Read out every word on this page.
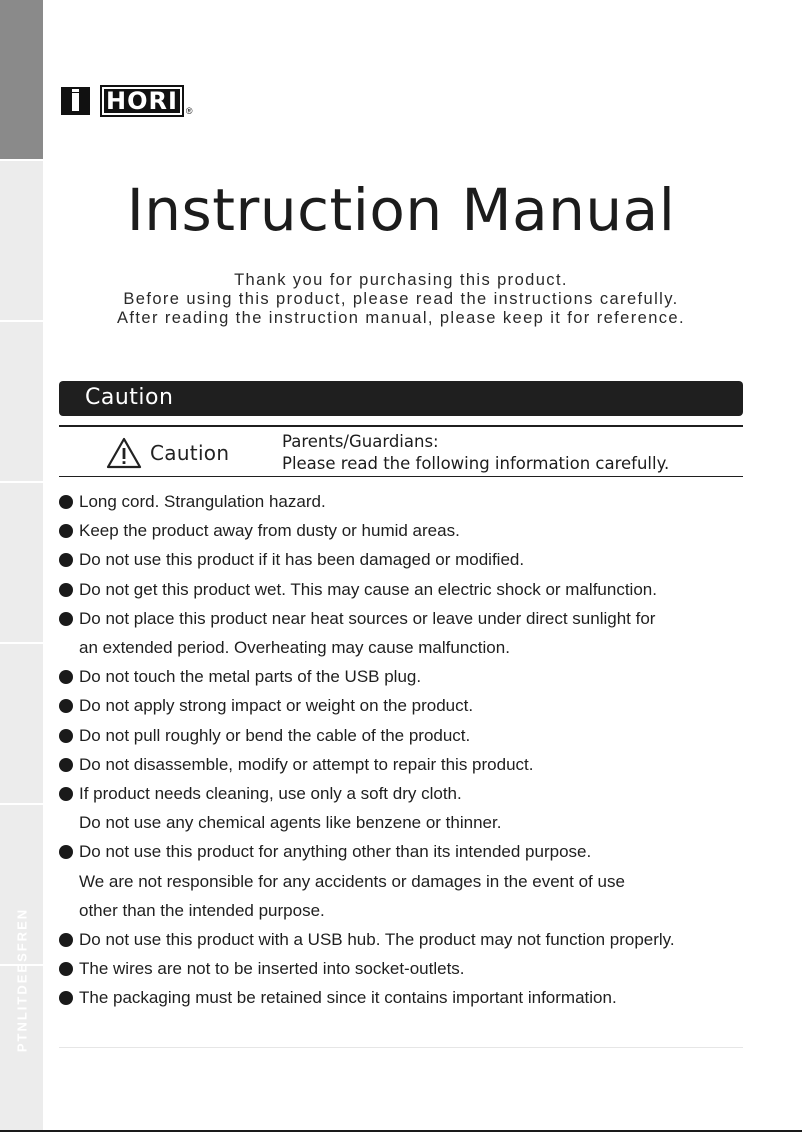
PTNLITDEESFREN
HORI ®
Instruction Manual
Thank you for purchasing this product.
Before using this product, please read the instructions carefully.
After reading the instruction manual, please keep it for reference.
Caution
Caution	Parents/Guardians:
Please read the following information carefully.
Long cord. Strangulation hazard.
Keep the product away from dusty or humid areas.
Do not use this product if it has been damaged or modified.
Do not get this product wet. This may cause an electric shock or malfunction.
Do not place this product near heat sources or leave under direct sunlight for
an extended period. Overheating may cause malfunction.
Do not touch the metal parts of the USB plug.
Do not apply strong impact or weight on the product.
Do not pull roughly or bend the cable of the product.
Do not disassemble, modify or attempt to repair this product.
If product needs cleaning, use only a soft dry cloth.
Do not use any chemical agents like benzene or thinner.
Do not use this product for anything other than its intended purpose.
We are not responsible for any accidents or damages in the event of use
other than the intended purpose.
Do not use this product with a USB hub. The product may not function properly.
The wires are not to be inserted into socket-outlets.
The packaging must be retained since it contains important information.
